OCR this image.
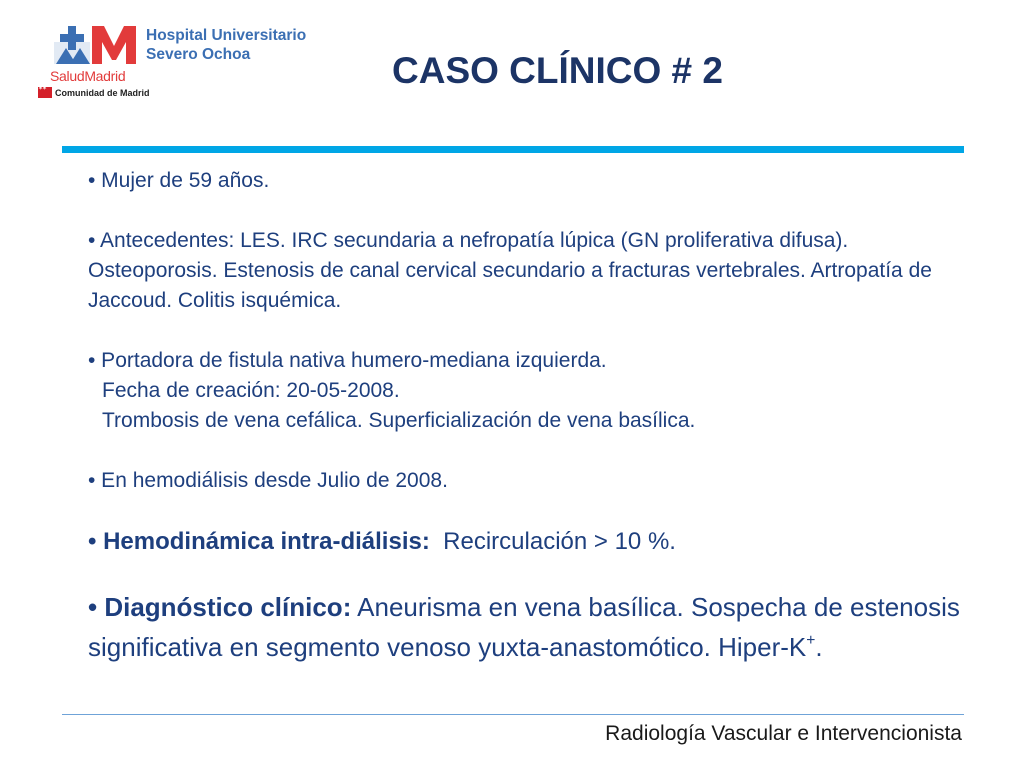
Hospital Universitario
Severo Ochoa
SaludMadrid
✶✶Comunidad de Madrid
CASO CLÍNICO # 2

• Mujer de 59 años.

• Antecedentes: LES. IRC secundaria a nefropatía lúpica (GN proliferativa difusa). Osteoporosis. Estenosis de canal cervical secundario a fracturas vertebrales. Artropatía de Jaccoud. Colitis isquémica.

• Portadora de fistula nativa humero-mediana izquierda.

Fecha de creación: 20-05-2008.

Trombosis de vena cefálica. Superficialización de vena basílica.

• En hemodiálisis desde Julio de 2008.

• Hemodinámica intra-diálisis: Recirculación > 10 %.

• Diagnóstico clínico: Aneurisma en vena basílica. Sospecha de estenosis significativa en segmento venoso yuxta-anastomótico. Hiper-K+.

Radiología Vascular e Intervencionista
